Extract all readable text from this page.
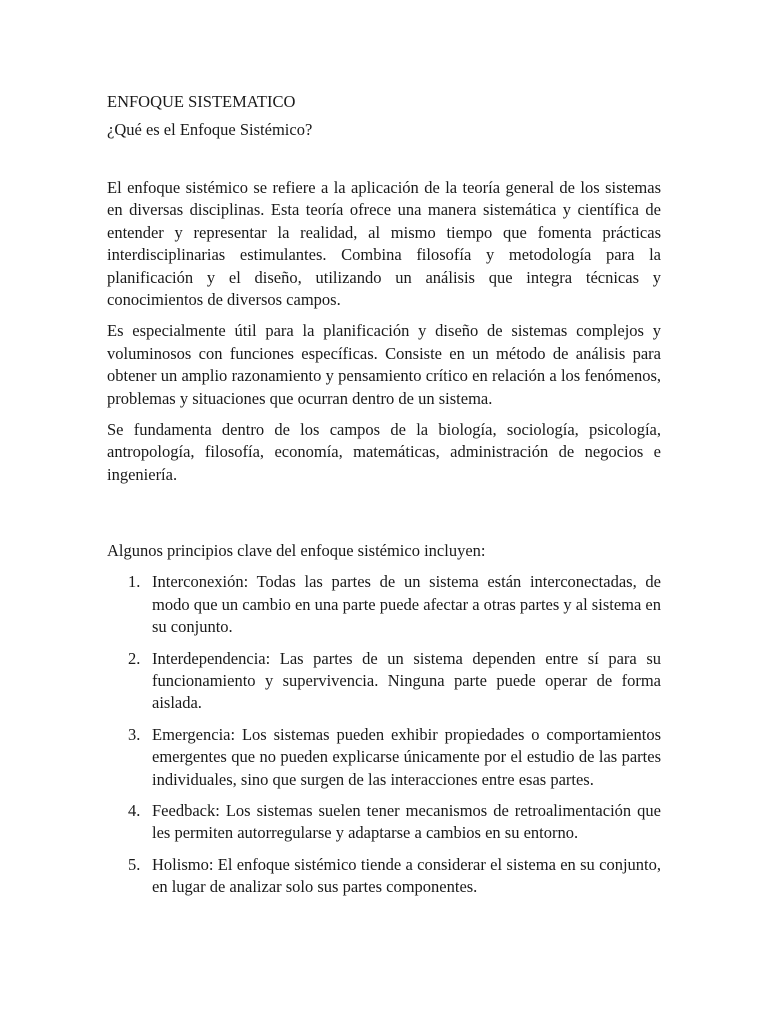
ENFOQUE SISTEMATICO

¿Qué es el Enfoque Sistémico?

El enfoque sistémico se refiere a la aplicación de la teoría general de los sistemas en diversas disciplinas. Esta teoría ofrece una manera sistemática y científica de entender y representar la realidad, al mismo tiempo que fomenta prácticas interdisciplinarias estimulantes. Combina filosofía y metodología para la planificación y el diseño, utilizando un análisis que integra técnicas y conocimientos de diversos campos.

Es especialmente útil para la planificación y diseño de sistemas complejos y voluminosos con funciones específicas. Consiste en un método de análisis para obtener un amplio razonamiento y pensamiento crítico en relación a los fenómenos, problemas y situaciones que ocurran dentro de un sistema.

Se fundamenta dentro de los campos de la biología, sociología, psicología, antropología, filosofía, economía, matemáticas, administración de negocios e ingeniería.

Algunos principios clave del enfoque sistémico incluyen:

1. Interconexión: Todas las partes de un sistema están interconectadas, de modo que un cambio en una parte puede afectar a otras partes y al sistema en su conjunto.
2. Interdependencia: Las partes de un sistema dependen entre sí para su funcionamiento y supervivencia. Ninguna parte puede operar de forma aislada.
3. Emergencia: Los sistemas pueden exhibir propiedades o comportamientos emergentes que no pueden explicarse únicamente por el estudio de las partes individuales, sino que surgen de las interacciones entre esas partes.
4. Feedback: Los sistemas suelen tener mecanismos de retroalimentación que les permiten autorregularse y adaptarse a cambios en su entorno.
5. Holismo: El enfoque sistémico tiende a considerar el sistema en su conjunto, en lugar de analizar solo sus partes componentes.
